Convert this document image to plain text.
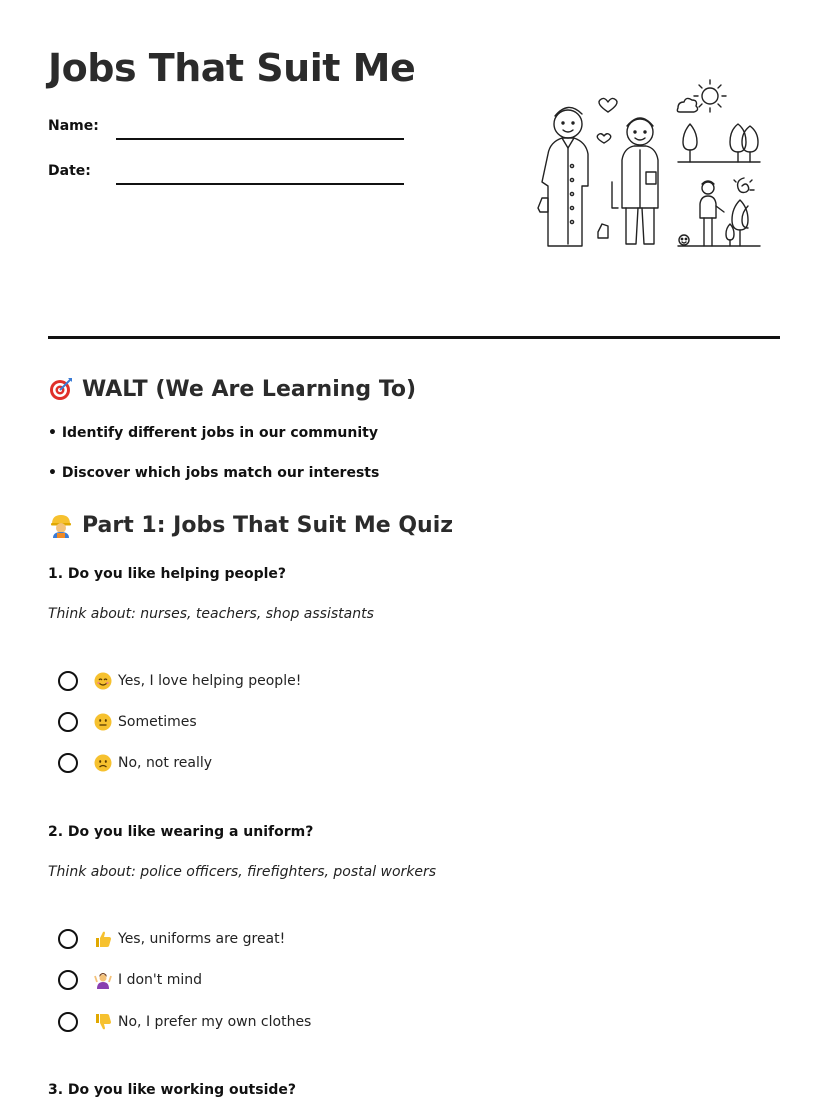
Jobs That Suit Me
Name:
Date:
WALT (We Are Learning To)
• Identify different jobs in our community
• Discover which jobs match our interests
Part 1: Jobs That Suit Me Quiz
1. Do you like helping people?
Think about: nurses, teachers, shop assistants
Yes, I love helping people!
Sometimes
No, not really
2. Do you like wearing a uniform?
Think about: police officers, firefighters, postal workers
Yes, uniforms are great!
I don't mind
No, I prefer my own clothes
3. Do you like working outside?
